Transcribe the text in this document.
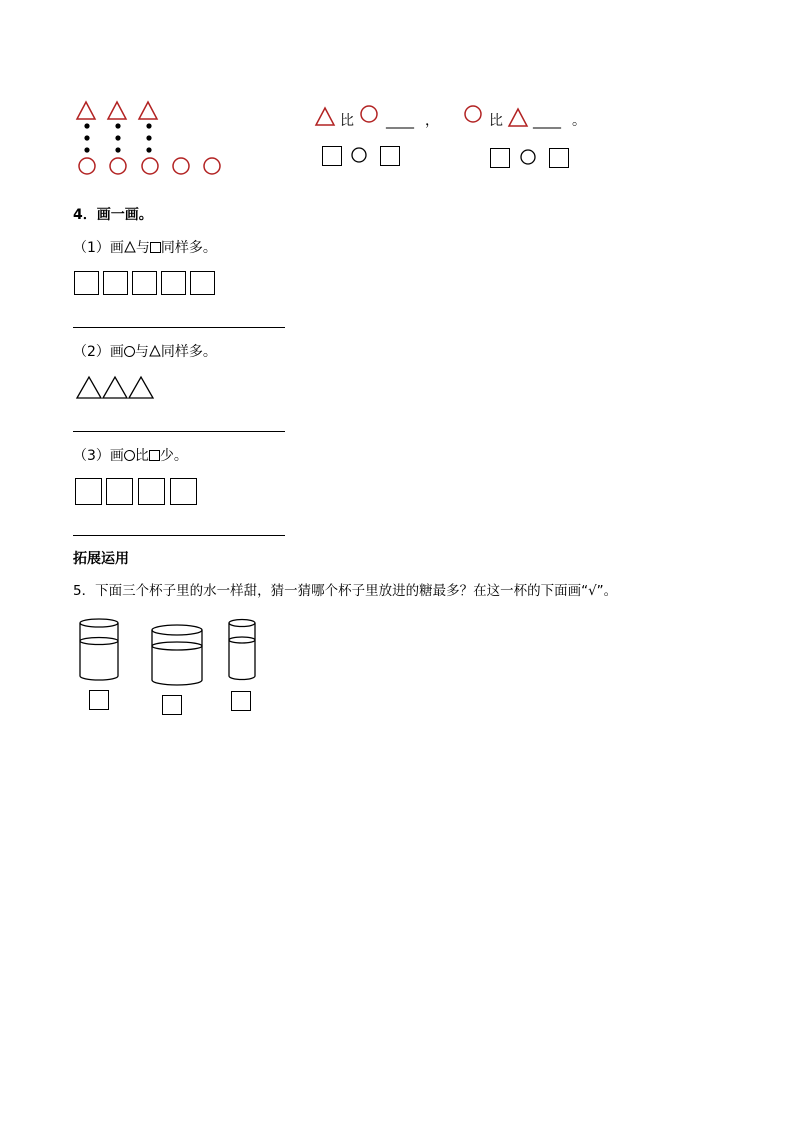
比 ____ ，	比 ____ 。
4．画一画。
（1）画 与 同样多。
（2）画 与 同样多。
（3）画 比 少。
拓展运用
5．下面三个杯子里的水一样甜，猜一猜哪个杯子里放进的糖最多？在这一杯的下面画“√”。
